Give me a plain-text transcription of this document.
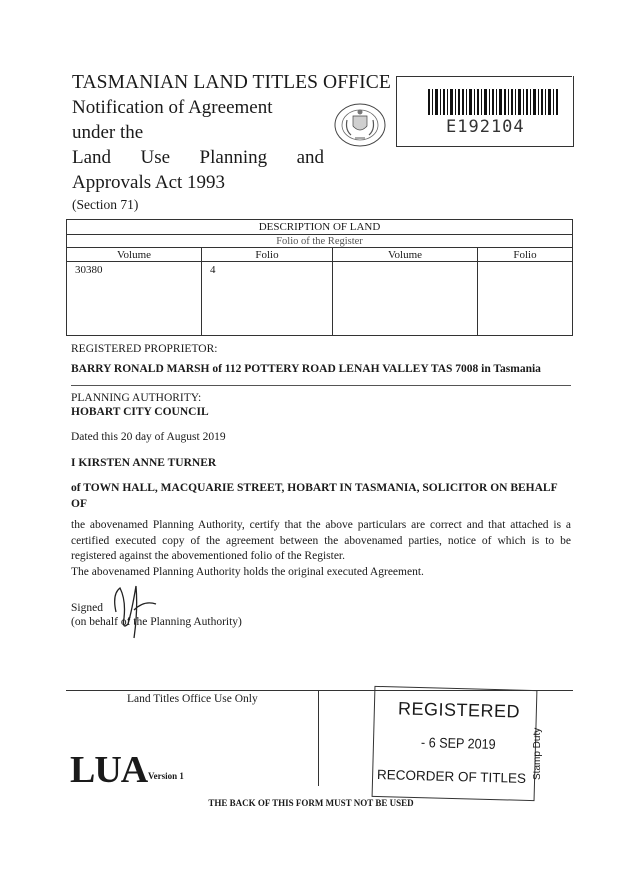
TASMANIAN LAND TITLES OFFICE
Notification of Agreement
under the
Land Use Planning and
Approvals Act 1993
(Section 71)
E192104
DESCRIPTION OF LAND			
Folio of the Register			
Volume	Folio	Volume	Folio
30380	4		
REGISTERED PROPRIETOR:
BARRY RONALD MARSH of 112 POTTERY ROAD LENAH VALLEY TAS 7008 in Tasmania
PLANNING AUTHORITY:
HOBART CITY COUNCIL
Dated this 20 day of August 2019
I KIRSTEN ANNE TURNER
of TOWN HALL, MACQUARIE STREET, HOBART IN TASMANIA, SOLICITOR ON BEHALF OF
the abovenamed Planning Authority, certify that the above particulars are correct and that attached is a certified executed copy of the agreement between the abovenamed parties, notice of which is to be registered against the abovementioned folio of the Register.
The abovenamed Planning Authority holds the original executed Agreement.
Signed
(on behalf of the Planning Authority)
Land Titles Office Use Only
LUA Version 1
REGISTERED
- 6 SEP 2019
RECORDER OF TITLES Stamp Duty
THE BACK OF THIS FORM MUST NOT BE USED
